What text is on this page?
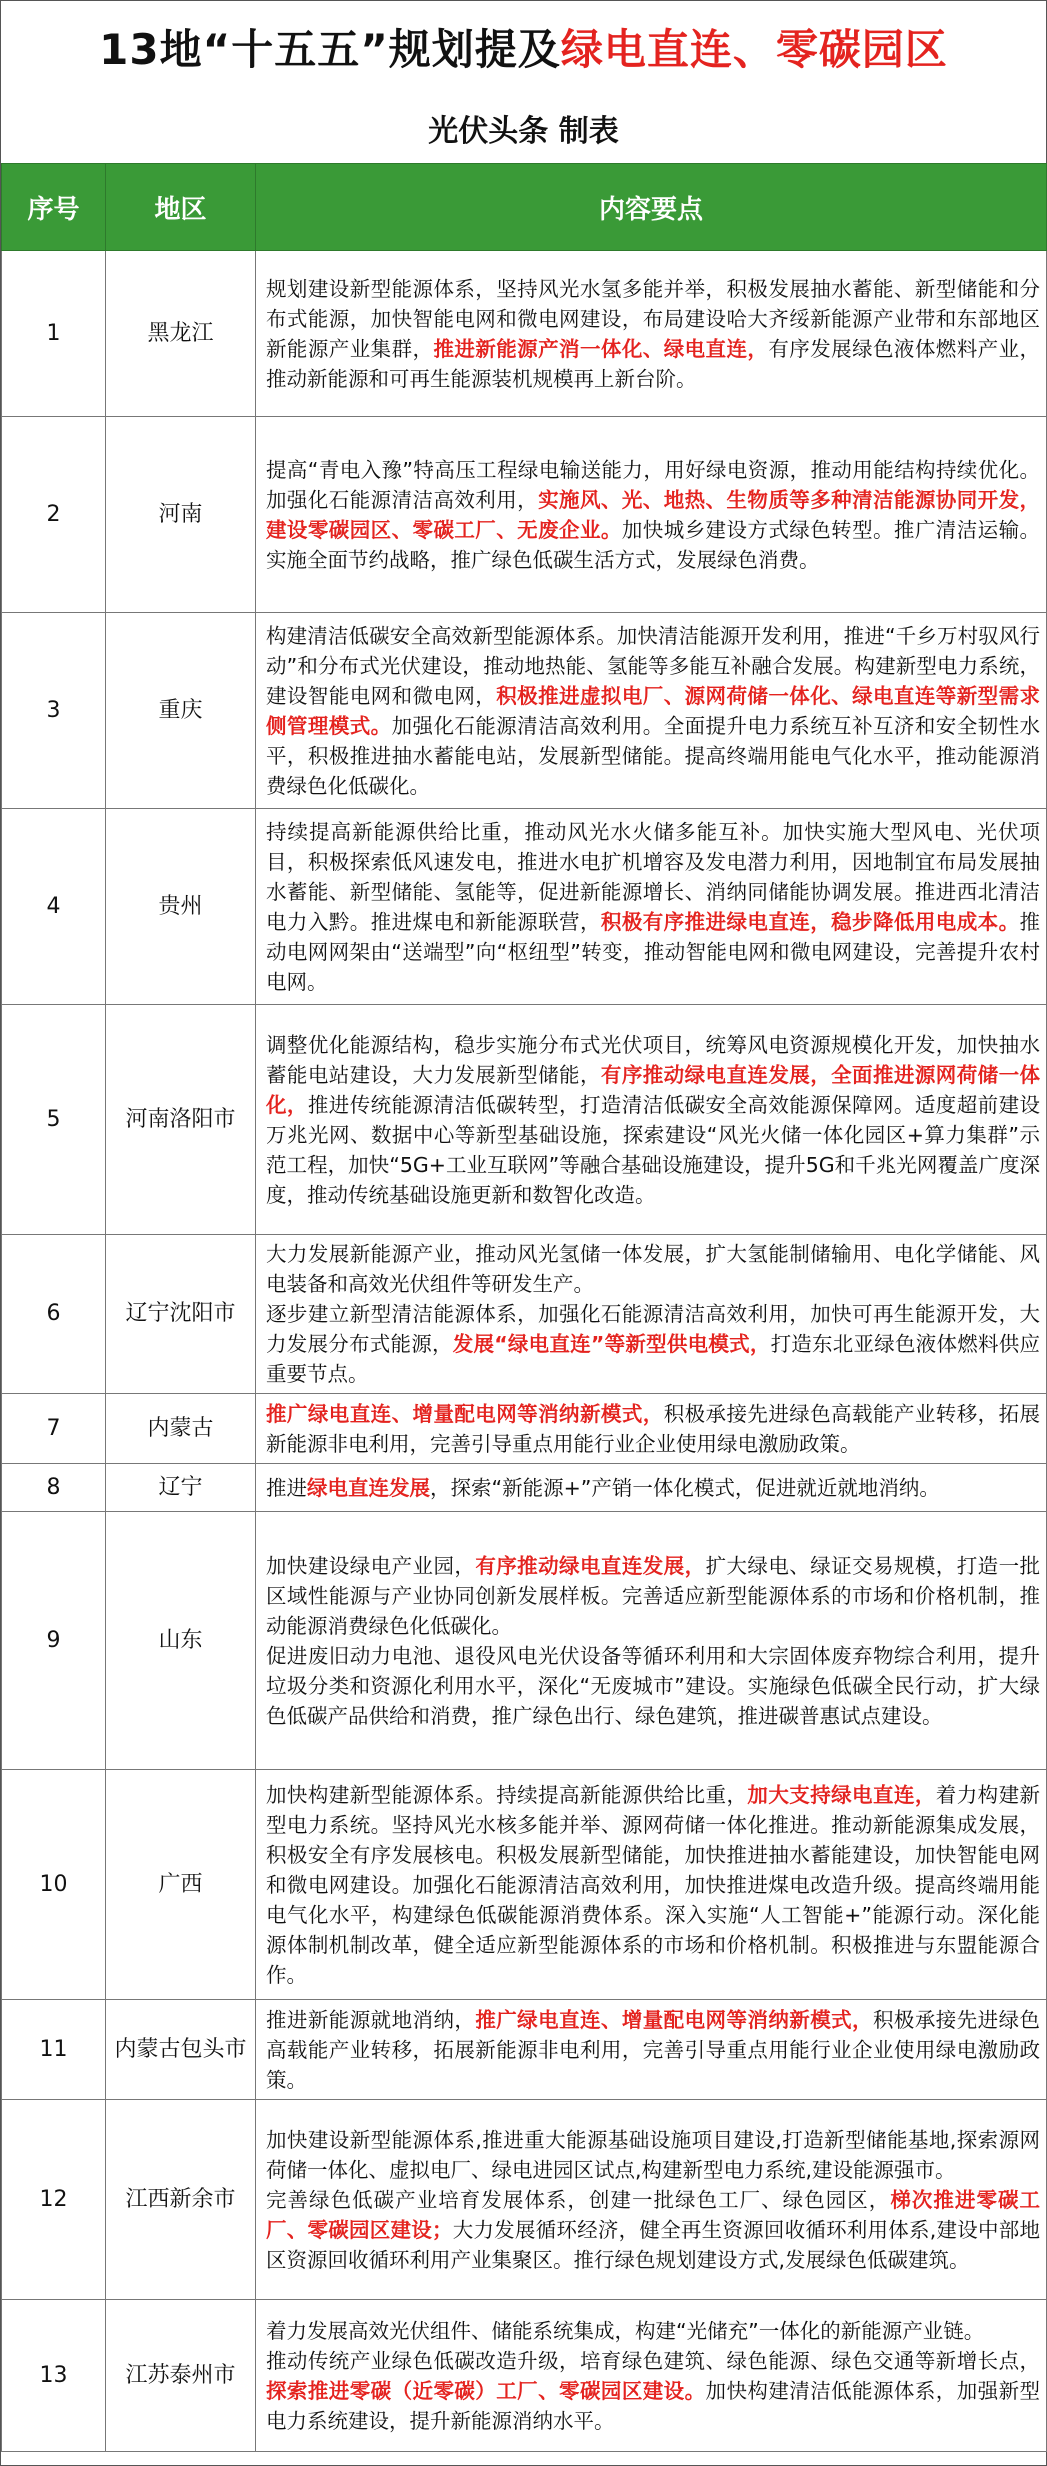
13地“十五五”规划提及 绿电直连、零碳园区
光伏头条 制表
序号	地区	内容要点
1	黑龙江	规划建设新型能源体系，坚持风光水氢多能并举，积极发展抽水蓄能、新型储能和分布式能源，加快智能电网和微电网建设，布局建设哈大齐绥新能源产业带和东部地区新能源产业集群，推进新能源产消一体化、绿电直连，有序发展绿色液体燃料产业，推动新能源和可再生能源装机规模再上新台阶。

2	河南	提高“青电入豫”特高压工程绿电输送能力，用好绿电资源，推动用能结构持续优化。加强化石能源清洁高效利用，实施风、光、地热、生物质等多种清洁能源协同开发，建设零碳园区、零碳工厂、无废企业。加快城乡建设方式绿色转型。推广清洁运输。实施全面节约战略，推广绿色低碳生活方式，发展绿色消费。

3	重庆	构建清洁低碳安全高效新型能源体系。加快清洁能源开发利用，推进“千乡万村驭风行动”和分布式光伏建设，推动地热能、氢能等多能互补融合发展。构建新型电力系统，建设智能电网和微电网，积极推进虚拟电厂、源网荷储一体化、绿电直连等新型需求侧管理模式。加强化石能源清洁高效利用。全面提升电力系统互补互济和安全韧性水平，积极推进抽水蓄能电站，发展新型储能。提高终端用能电气化水平，推动能源消费绿色化低碳化。

4	贵州	持续提高新能源供给比重，推动风光水火储多能互补。加快实施大型风电、光伏项目，积极探索低风速发电，推进水电扩机增容及发电潜力利用，因地制宜布局发展抽水蓄能、新型储能、氢能等，促进新能源增长、消纳同储能协调发展。推进西北清洁电力入黔。推进煤电和新能源联营，积极有序推进绿电直连，稳步降低用电成本。推动电网网架由“送端型”向“枢纽型”转变，推动智能电网和微电网建设，完善提升农村电网。

5	河南洛阳市	调整优化能源结构，稳步实施分布式光伏项目，统筹风电资源规模化开发，加快抽水蓄能电站建设，大力发展新型储能，有序推动绿电直连发展，全面推进源网荷储一体化，推进传统能源清洁低碳转型，打造清洁低碳安全高效能源保障网。适度超前建设万兆光网、数据中心等新型基础设施，探索建设“风光火储一体化园区+算力集群”示范工程，加快“5G+工业互联网”等融合基础设施建设，提升5G和千兆光网覆盖广度深度，推动传统基础设施更新和数智化改造。

6	辽宁沈阳市	大力发展新能源产业，推动风光氢储一体发展，扩大氢能制储输用、电化学储能、风电装备和高效光伏组件等研发生产。
逐步建立新型清洁能源体系，加强化石能源清洁高效利用，加快可再生能源开发，大力发展分布式能源，发展“绿电直连”等新型供电模式，打造东北亚绿色液体燃料供应重要节点。

7	内蒙古	推广绿电直连、增量配电网等消纳新模式，积极承接先进绿色高载能产业转移，拓展新能源非电利用，完善引导重点用能行业企业使用绿电激励政策。

8	辽宁	推进绿电直连发展，探索“新能源+”产销一体化模式，促进就近就地消纳。

9	山东	加快建设绿电产业园，有序推动绿电直连发展，扩大绿电、绿证交易规模，打造一批区域性能源与产业协同创新发展样板。完善适应新型能源体系的市场和价格机制，推动能源消费绿色化低碳化。
促进废旧动力电池、退役风电光伏设备等循环利用和大宗固体废弃物综合利用，提升垃圾分类和资源化利用水平，深化“无废城市”建设。实施绿色低碳全民行动，扩大绿色低碳产品供给和消费，推广绿色出行、绿色建筑，推进碳普惠试点建设。

10	广西	加快构建新型能源体系。持续提高新能源供给比重，加大支持绿电直连，着力构建新型电力系统。坚持风光水核多能并举、源网荷储一体化推进。推动新能源集成发展，积极安全有序发展核电。积极发展新型储能，加快推进抽水蓄能建设，加快智能电网和微电网建设。加强化石能源清洁高效利用，加快推进煤电改造升级。提高终端用能电气化水平，构建绿色低碳能源消费体系。深入实施“人工智能+”能源行动。深化能源体制机制改革，健全适应新型能源体系的市场和价格机制。积极推进与东盟能源合作。

11	内蒙古包头市	推进新能源就地消纳，推广绿电直连、增量配电网等消纳新模式，积极承接先进绿色高载能产业转移，拓展新能源非电利用，完善引导重点用能行业企业使用绿电激励政策。

12	江西新余市	加快建设新型能源体系,推进重大能源基础设施项目建设,打造新型储能基地,探索源网荷储一体化、虚拟电厂、绿电进园区试点,构建新型电力系统,建设能源强市。
完善绿色低碳产业培育发展体系，创建一批绿色工厂、绿色园区，梯次推进零碳工厂、零碳园区建设；大力发展循环经济，健全再生资源回收循环利用体系,建设中部地区资源回收循环利用产业集聚区。推行绿色规划建设方式,发展绿色低碳建筑。

13	江苏泰州市	着力发展高效光伏组件、储能系统集成，构建“光储充”一体化的新能源产业链。
推动传统产业绿色低碳改造升级，培育绿色建筑、绿色能源、绿色交通等新增长点，探索推进零碳（近零碳）工厂、零碳园区建设。加快构建清洁低能源体系，加强新型电力系统建设，提升新能源消纳水平。
